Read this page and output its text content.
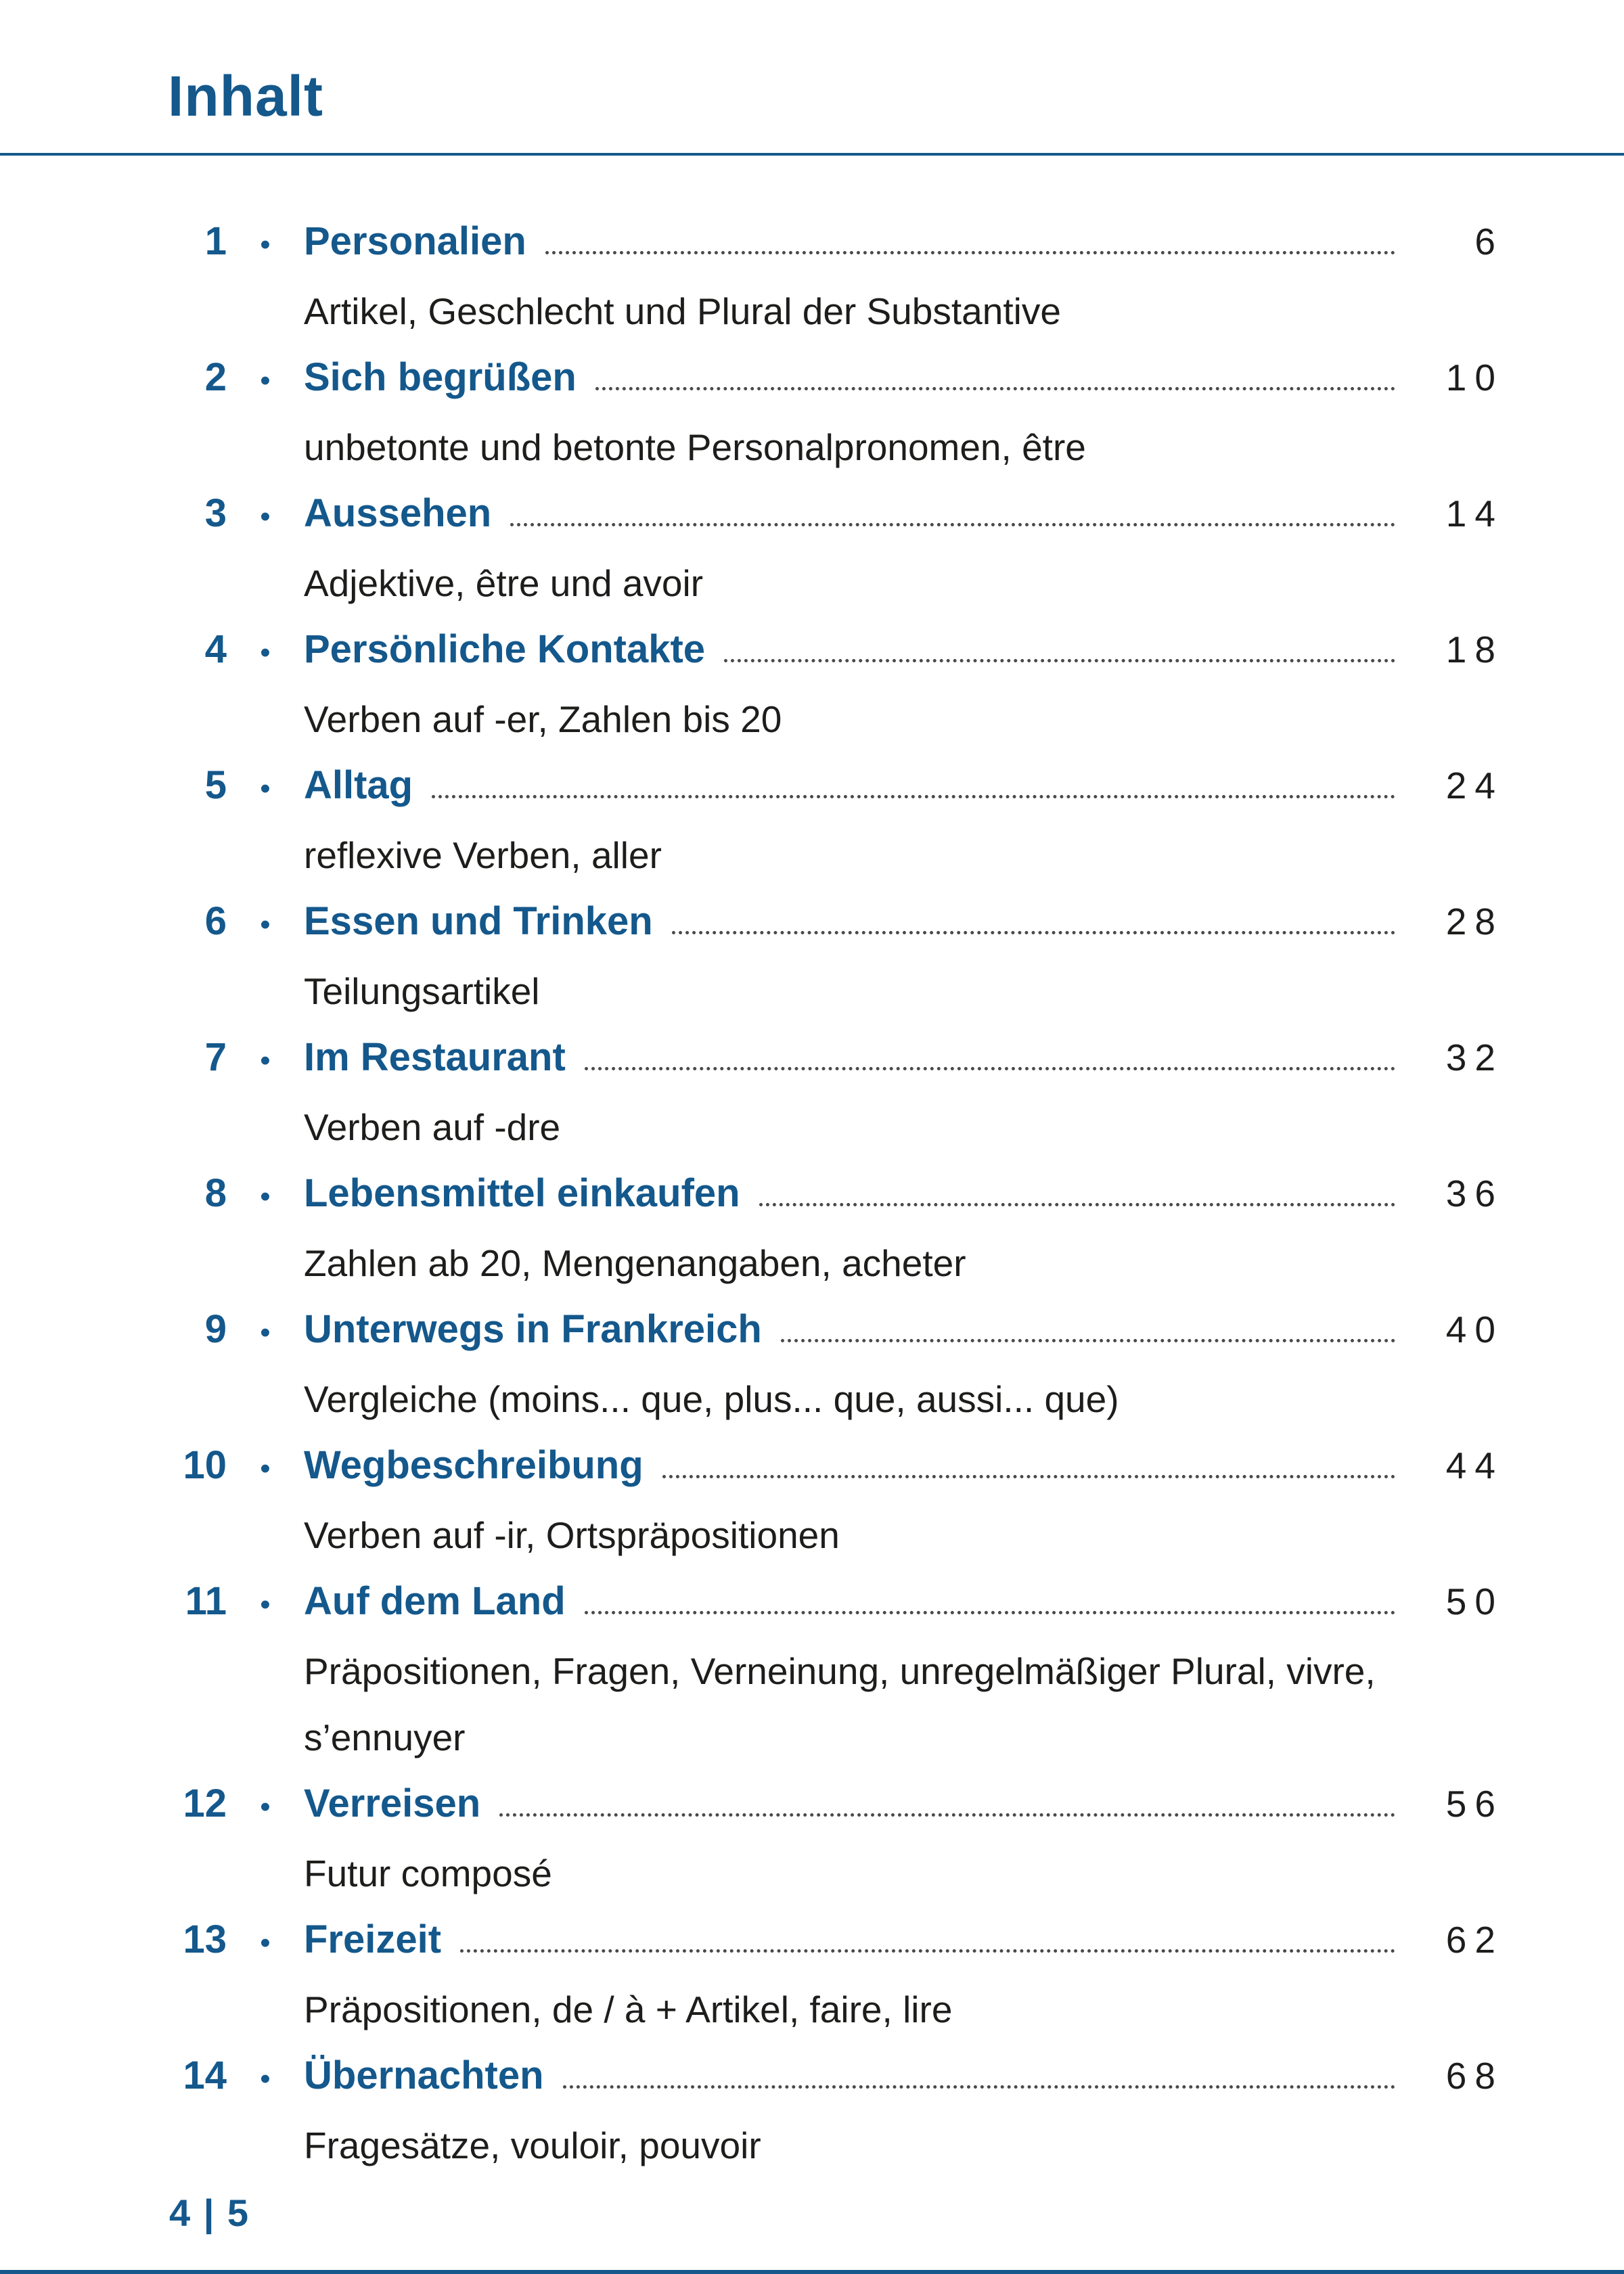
Inhalt
1	• Personalien	6
Artikel, Geschlecht und Plural der Substantive
2	• Sich begrüßen	10
unbetonte und betonte Personalpronomen, être
3	• Aussehen	14
Adjektive, être und avoir
4	• Persönliche Kontakte	18
Verben auf -er, Zahlen bis 20
5	• Alltag	24
reflexive Verben, aller
6	• Essen und Trinken	28
Teilungsartikel
7	• Im Restaurant	32
Verben auf -dre
8	• Lebensmittel einkaufen	36
Zahlen ab 20, Mengenangaben, acheter
9	• Unterwegs in Frankreich	40
Vergleiche (moins... que, plus... que, aussi... que)
10	• Wegbeschreibung	44
Verben auf -ir, Ortspräpositionen
11	• Auf dem Land	50
Präpositionen, Fragen, Verneinung, unregelmäßiger Plural, vivre, s’ennuyer
12	• Verreisen	56
Futur composé
13	• Freizeit	62
Präpositionen, de / à + Artikel, faire, lire
14	• Übernachten	68
Fragesätze, vouloir, pouvoir
4 | 5
